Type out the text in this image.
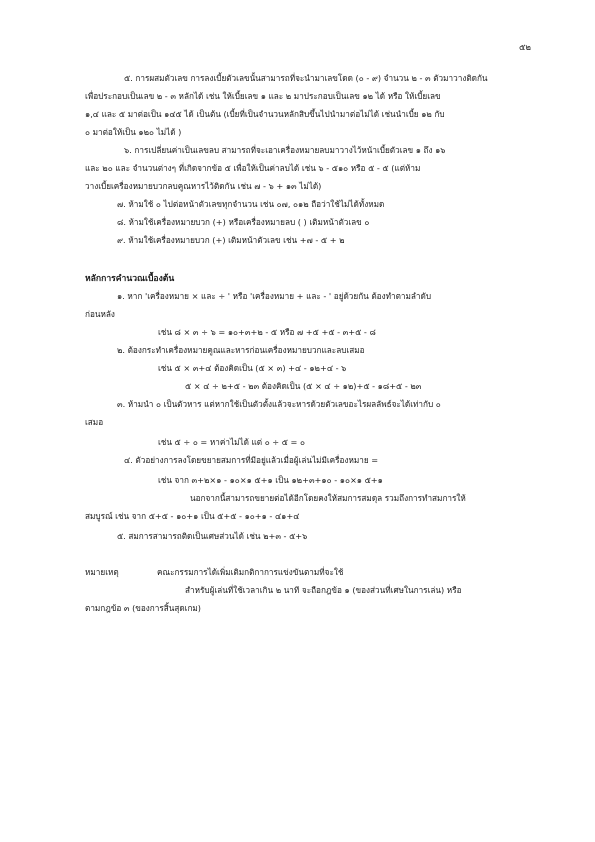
๕๒
๕. การผสมตัวเลข การลงเบี้ยตัวเลขนั้นสามารถที่จะนำมาเลขโดด (๐ - ๙) จำนวน ๒ - ๓ ตัวมาวางติดกัน
เพื่อประกอบเป็นเลข ๒ - ๓ หลักได้ เช่น ให้เบี้ยเลข ๑ และ ๒ มาประกอบเป็นเลข ๑๒ ได้ หรือ ให้เบี้ยเลข
๑,๔ และ ๕ มาต่อเป็น ๑๔๕ ได้ เป็นต้น (เบี้ยที่เป็นจำนวนหลักสิบขึ้นไปนำมาต่อไม่ได้ เช่นนำเบี้ย ๑๒ กับ
๐ มาต่อให้เป็น ๑๒๐ ไม่ได้ )
๖. การเปลี่ยนค่าเป็นเลขลบ สามารถที่จะเอาเครื่องหมายลบมาวางไว้หน้าเบี้ยตัวเลข ๑ ถึง ๑๖
และ ๒๐ และ จำนวนต่างๆ ที่เกิดจากข้อ ๕ เพื่อให้เป็นค่าลบได้ เช่น ๖ - ๕๑๐ หรือ ๕ - ๕ (แต่ห้าม
วางเบี้ยเครื่องหมายบวกลบคูณหารไว้ติดกัน เช่น ๗ - ๖ + ๑๓ ไม่ได้)
๗. ห้ามใช้ ๐ ไปต่อหน้าตัวเลขทุกจำนวน เช่น ๐๗, ๐๑๒ ถือว่าใช้ไม่ได้ทั้งหมด
๘. ห้ามใช้เครื่องหมายบวก (+) หรือเครื่องหมายลบ ( ) เติมหน้าตัวเลข ๐
๙. ห้ามใช้เครื่องหมายบวก (+) เติมหน้าตัวเลข เช่น +๗ - ๕ + ๒
หลักการคำนวณเบื้องต้น
๑. หาก 'เครื่องหมาย × และ ÷ ' หรือ 'เครื่องหมาย + และ - ' อยู่ด้วยกัน ต้องทำตามลำดับ
ก่อนหลัง
เช่น ๘ × ๓ ÷ ๖ = ๑๐+๓+๒ - ๕ หรือ ๗ +๕ +๕ - ๓+๕ - ๘
๒. ต้องกระทำเครื่องหมายคูณและหารก่อนเครื่องหมายบวกและลบเสมอ
เช่น ๕ × ๓+๔ ต้องคิดเป็น (๕ × ๓) +๔ - ๑๒+๔ - ๖
๕ × ๔ ÷ ๒+๕ - ๒๓ ต้องคิดเป็น (๕ × ๔ ÷ ๑๒)+๕ - ๑๘+๕ - ๒๓
๓. ห้ามนำ ๐ เป็นตัวหาร แต่หากใช้เป็นตัวตั้งแล้วจะหารด้วยตัวเลขอะไรผลลัพธ์จะได้เท่ากับ ๐
เสมอ
เช่น ๕ ÷ ๐ = หาค่าไม่ได้ แต่ ๐ ÷ ๕ = ๐
๔. ตัวอย่างการลงโดยขยายสมการที่มีอยู่แล้วเมื่อผู้เล่นไม่มีเครื่องหมาย =
เช่น จาก ๓+๒×๑ - ๑๐×๑ ๕+๑ เป็น ๑๒+๓+๑๐ - ๑๐×๑ ๕+๑
นอกจากนี้สามารถขยายต่อได้อีกโดยคงให้สมการสมดุล รวมถึงการทำสมการให้
สมบูรณ์ เช่น จาก ๕+๕ - ๑๐+๑ เป็น ๕+๕ - ๑๐+๑ - ๔๑+๔
๕. สมการสามารถติดเป็นเศษส่วนได้ เช่น ๒+๓ - ๕+๖
หมายเหตุ	คณะกรรมการได้เพิ่มเติมกติกาการแข่งขันตามที่จะใช้
สำหรับผู้เล่นที่ใช้เวลาเกิน ๒ นาที จะถือกฎข้อ ๑ (ของส่วนที่เศษในการเล่น) หรือ
ตามกฎข้อ ๓ (ของการสิ้นสุดเกม)
